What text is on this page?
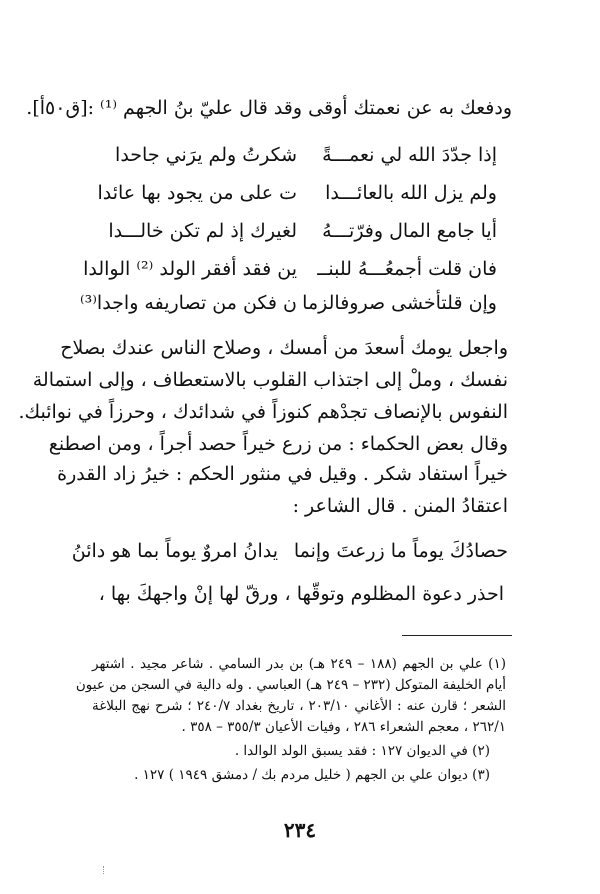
ودفعك به عن نعمتك أوقى وقد قال عليّ بنُ الجهم ⁽¹⁾ :[ق٥٠أ].
إذا جدّدَ الله لي نعمـــةً
شكرتُ ولم يرَني جاحدا
ولم يزل الله بالعائـــدا
ت على من يجود بها عائدا
أيا جامع المال وفرّتـــهُ
لغيرك إذ لم تكن خالـــدا
فان قلت أجمعُـــهُ للبنــ
ين فقد أفقر الولد ⁽²⁾ الوالدا
وإن قلتأخشى صروفالزما
ن فكن من تصاريفه واجدا⁽³⁾
واجعل يومك أسعدَ من أمسك ، وصلاح الناس عندك بصلاح
نفسك ، وملْ إلى اجتذاب القلوب بالاستعطاف ، وإلى استمالة
النفوس بالإنصاف تجدْهم كنوزاً في شدائدك ، وحرزاً في نوائبك.
وقال بعض الحكماء : من زرع خيراً حصد أجراً ، ومن اصطنع
خيراً استفاد شكر . وقيل في منثور الحكم : خيرُ زاد القدرة
اعتقادُ المنن . قال الشاعر :
حصادُكَ يوماً ما زرعتَ وإنما
يدانُ امروٌ يوماً بما هو دائنُ
احذر دعوة المظلوم وتوقّها ، ورقّ لها إنْ واجهكَ بها ،
(١) علي بن الجهم (١٨٨ – ٢٤٩ هـ) بن بدر السامي . شاعر مجيد . اشتهر
أيام الخليفة المتوكل (٢٣٢ – ٢٤٩ هـ) العباسي . وله دالية في السجن من عيون
الشعر ؛ قارن عنه : الأغاني ٢٠٣/١٠ ، تاريخ بغداد ٢٤٠/٧ ؛ شرح نهج البلاغة
٢٦٢/١ ، معجم الشعراء ٢٨٦ ، وفيات الأعيان ٣٥٥/٣ – ٣٥٨ .
(٢) في الديوان ١٢٧ : فقد يسبق الولد الوالدا .
(٣) ديوان علي بن الجهم ( خليل مردم بك / دمشق ١٩٤٩ ) ١٢٧ .
٢٣٤
